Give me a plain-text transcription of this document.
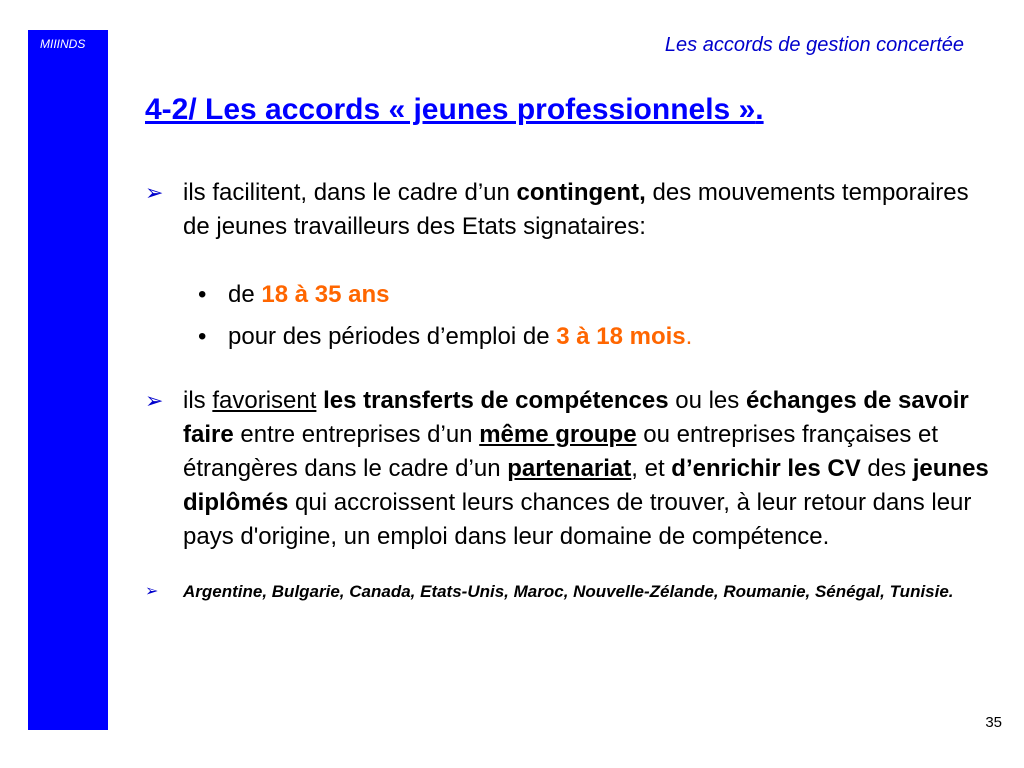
MIIINDS	Les accords de gestion concertée
4-2/ Les accords « jeunes professionnels ».

➢ ils facilitent, dans le cadre d’un contingent, des mouvements temporaires de jeunes travailleurs des Etats signataires:

• de 18 à 35 ans
• pour des périodes d’emploi de 3 à 18 mois.

➢ ils favorisent les transferts de compétences ou les échanges de savoir faire entre entreprises d’un même groupe ou entreprises françaises et étrangères dans le cadre d’un partenariat, et d’enrichir les CV des jeunes diplômés qui accroissent leurs chances de trouver, à leur retour dans leur pays d'origine, un emploi dans leur domaine de compétence.

➢ Argentine, Bulgarie, Canada, Etats-Unis, Maroc, Nouvelle-Zélande, Roumanie, Sénégal, Tunisie.

35
